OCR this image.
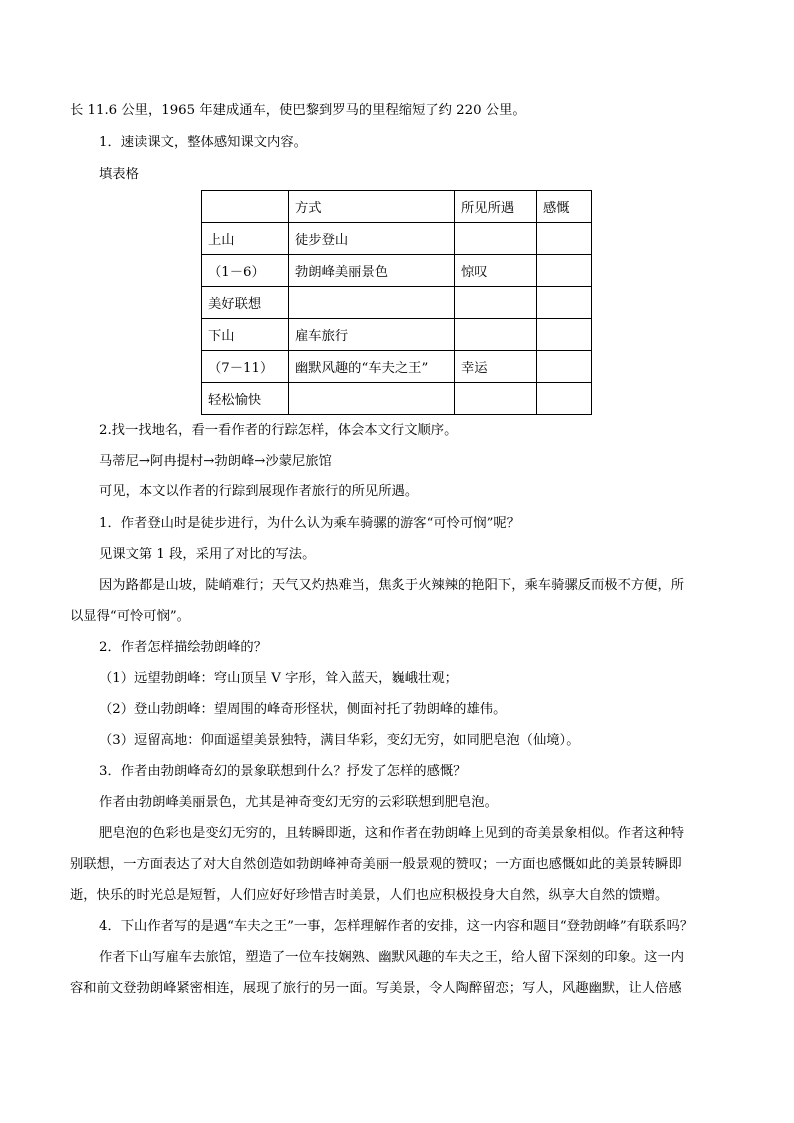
长 11.6 公里，1965 年建成通车，使巴黎到罗马的里程缩短了约 220 公里。
1．速读课文，整体感知课文内容。
填表格
	方式	所见所遇	感慨
上山	徒步登山		
（1－6）	勃朗峰美丽景色	惊叹	
美好联想			
下山	雇车旅行		
（7－11）	幽默风趣的“车夫之王”	幸运	
轻松愉快			
2.找一找地名，看一看作者的行踪怎样，体会本文行文顺序。
马蒂尼→阿冉提村→勃朗峰→沙蒙尼旅馆
可见，本文以作者的行踪到展现作者旅行的所见所遇。
1．作者登山时是徒步进行，为什么认为乘车骑骡的游客“可怜可悯”呢？
见课文第 1 段，采用了对比的写法。
因为路都是山坡，陡峭难行；天气又灼热难当，焦炙于火辣辣的艳阳下，乘车骑骡反而极不方便，所
以显得“可怜可悯”。
2．作者怎样描绘勃朗峰的？
（1）远望勃朗峰：穹山顶呈 V 字形，耸入蓝天，巍峨壮观；
（2）登山勃朗峰：望周围的峰奇形怪状，侧面衬托了勃朗峰的雄伟。
（3）逗留高地：仰面遥望美景独特，满目华彩，变幻无穷，如同肥皂泡（仙境）。
3．作者由勃朗峰奇幻的景象联想到什么？抒发了怎样的感慨？
作者由勃朗峰美丽景色，尤其是神奇变幻无穷的云彩联想到肥皂泡。
肥皂泡的色彩也是变幻无穷的，且转瞬即逝，这和作者在勃朗峰上见到的奇美景象相似。作者这种特
别联想，一方面表达了对大自然创造如勃朗峰神奇美丽一般景观的赞叹；一方面也感慨如此的美景转瞬即
逝，快乐的时光总是短暂，人们应好好珍惜吉时美景，人们也应积极投身大自然，纵享大自然的馈赠。
4．下山作者写的是遇“车夫之王”一事，怎样理解作者的安排，这一内容和题目“登勃朗峰”有联系吗？
作者下山写雇车去旅馆，塑造了一位车技娴熟、幽默风趣的车夫之王，给人留下深刻的印象。这一内
容和前文登勃朗峰紧密相连，展现了旅行的另一面。写美景，令人陶醉留恋；写人，风趣幽默，让人倍感
